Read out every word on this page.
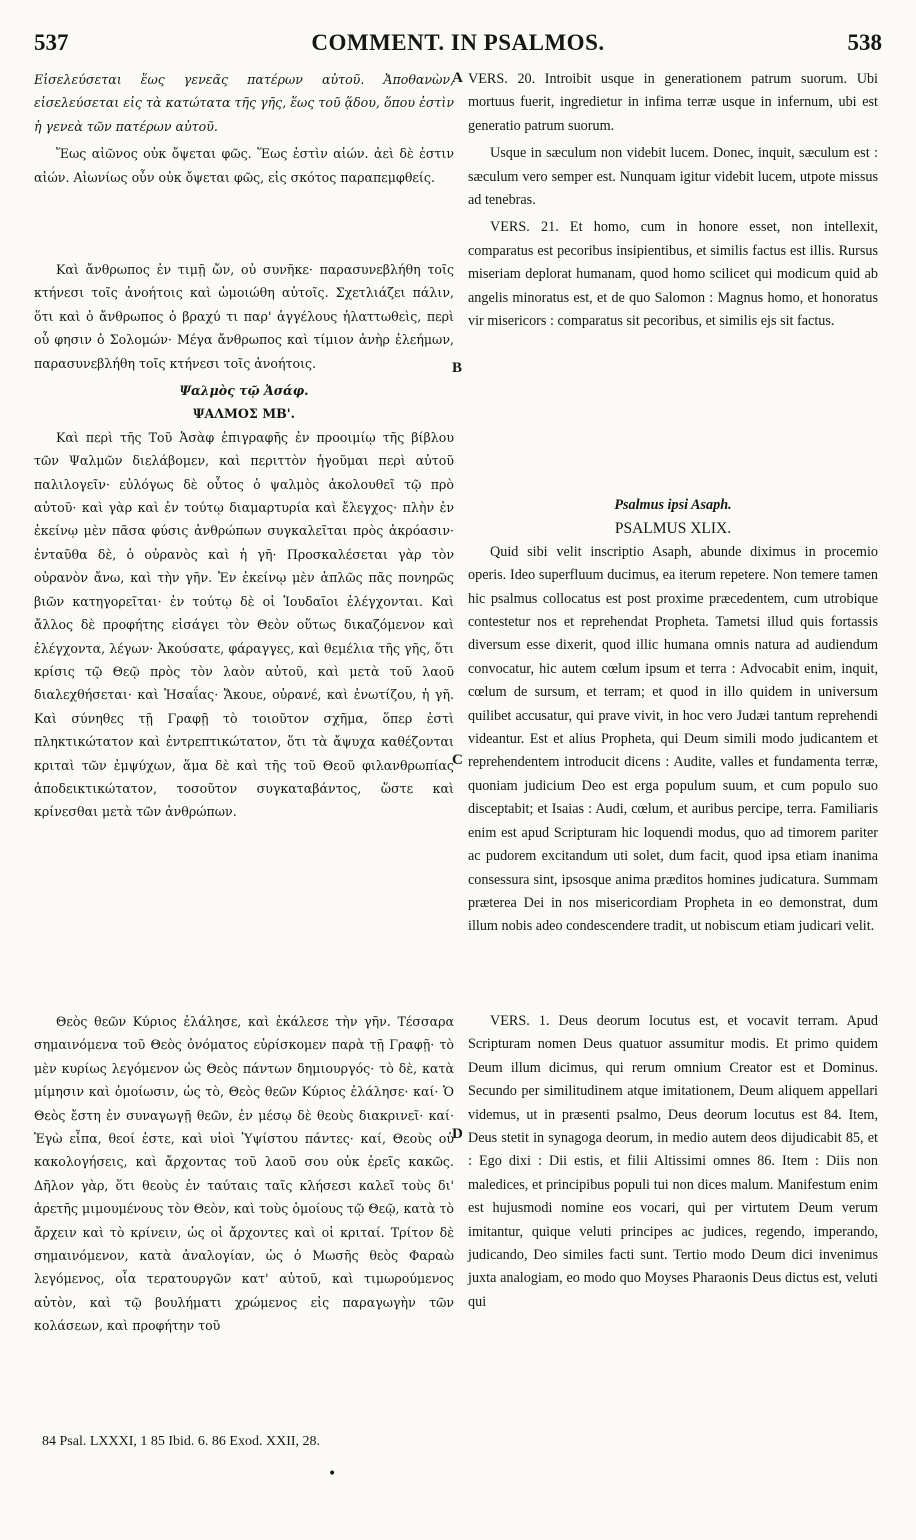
537	COMMENT. IN PSALMOS.	538
A
B
C
D

Εἰσελεύσεται ἕως γενεᾶς πατέρων αὐτοῦ. Ἀποθανὼν, εἰσελεύσεται εἰς τὰ κατώτατα τῆς γῆς, ἕως τοῦ ᾅδου, ὅπου ἐστὶν ἡ γενεὰ τῶν πατέρων αὐτοῦ.

Ἕως αἰῶνος οὐκ ὄψεται φῶς. Ἕως ἐστὶν αἰών. ἀεὶ δὲ ἐστιν αἰών. Αἰωνίως οὖν οὐκ ὄψεται φῶς, εἰς σκότος παραπεμφθείς.

Καὶ ἄνθρωπος ἐν τιμῇ ὤν, οὐ συνῆκε· παρασυνεβλήθη τοῖς κτήνεσι τοῖς ἀνοήτοις καὶ ὡμοιώθη αὐτοῖς. Σχετλιάζει πάλιν, ὅτι καὶ ὁ ἄνθρωπος ὁ βραχύ τι παρ' ἀγγέλους ἠλαττωθεὶς, περὶ οὗ φησιν ὁ Σολομών· Μέγα ἄνθρωπος καὶ τίμιον ἀνὴρ ἐλεήμων, παρασυνεβλήθη τοῖς κτήνεσι τοῖς ἀνοήτοις.

Ψαλμὸς τῷ Ἀσάφ.

ΨΑΛΜΟΣ ΜΒ'.

Καὶ περὶ τῆς Τοῦ Ἀσὰφ ἐπιγραφῆς ἐν προοιμίῳ τῆς βίβλου τῶν Ψαλμῶν διελάβομεν, καὶ περιττὸν ἡγοῦμαι περὶ αὐτοῦ παλιλογεῖν· εὐλόγως δὲ οὗτος ὁ ψαλμὸς ἀκολουθεῖ τῷ πρὸ αὐτοῦ· καὶ γὰρ καὶ ἐν τούτῳ διαμαρτυρία καὶ ἔλεγχος· πλὴν ἐν ἐκείνῳ μὲν πᾶσα φύσις ἀνθρώπων συγκαλεῖται πρὸς ἀκρόασιν· ἐνταῦθα δὲ, ὁ οὐρανὸς καὶ ἡ γῆ· Προσκαλέσεται γὰρ τὸν οὐρανὸν ἄνω, καὶ τὴν γῆν. Ἐν ἐκείνῳ μὲν ἁπλῶς πᾶς πονηρῶς βιῶν κατηγορεῖται· ἐν τούτῳ δὲ οἱ Ἰουδαῖοι ἐλέγχονται. Καὶ ἄλλος δὲ προφήτης εἰσάγει τὸν Θεὸν οὕτως δικαζόμενον καὶ ἐλέγχοντα, λέγων· Ἀκούσατε, φάραγγες, καὶ θεμέλια τῆς γῆς, ὅτι κρίσις τῷ Θεῷ πρὸς τὸν λαὸν αὐτοῦ, καὶ μετὰ τοῦ λαοῦ διαλεχθήσεται· καὶ Ἡσαΐας· Ἄκουε, οὐρανέ, καὶ ἐνωτίζου, ἡ γῆ. Καὶ σύνηθες τῇ Γραφῇ τὸ τοιοῦτον σχῆμα, ὅπερ ἐστὶ πληκτικώτατον καὶ ἐντρεπτικώτατον, ὅτι τὰ ἄψυχα καθέζονται κριταὶ τῶν ἐμψύχων, ἅμα δὲ καὶ τῆς τοῦ Θεοῦ φιλανθρωπίας ἀποδεικτικώτατον, τοσοῦτον συγκαταβάντος, ὥστε καὶ κρίνεσθαι μετὰ τῶν ἀνθρώπων.

VERS. 20. Introibit usque in generationem patrum suorum. Ubi mortuus fuerit, ingredietur in infima terræ usque in infernum, ubi est generatio patrum suorum.

Usque in sæculum non videbit lucem. Donec, inquit, sæculum est : sæculum vero semper est. Nunquam igitur videbit lucem, utpote missus ad tenebras.

VERS. 21. Et homo, cum in honore esset, non intellexit, comparatus est pecoribus insipientibus, et similis factus est illis. Rursus miseriam deplorat humanam, quod homo scilicet qui modicum quid ab angelis minoratus est, et de quo Salomon : Magnus homo, et honoratus vir misericors : comparatus sit pecoribus, et similis ejs sit factus.

Psalmus ipsi Asaph.

PSALMUS XLIX.

Quid sibi velit inscriptio Asaph, abunde diximus in procemio operis. Ideo superfluum ducimus, ea iterum repetere. Non temere tamen hic psalmus collocatus est post proxime præcedentem, cum utrobique contestetur nos et reprehendat Propheta. Tametsi illud quis fortassis diversum esse dixerit, quod illic humana omnis natura ad audiendum convocatur, hic autem cœlum ipsum et terra : Advocabit enim, inquit, cœlum de sursum, et terram; et quod in illo quidem in universum quilibet accusatur, qui prave vivit, in hoc vero Judæi tantum reprehendi videantur. Est et alius Propheta, qui Deum simili modo judicantem et reprehendentem introducit dicens : Audite, valles et fundamenta terræ, quoniam judicium Deo est erga populum suum, et cum populo suo disceptabit; et Isaias : Audi, cœlum, et auribus percipe, terra. Familiaris enim est apud Scripturam hic loquendi modus, quo ad timorem pariter ac pudorem excitandum uti solet, dum facit, quod ipsa etiam inanima consessura sint, ipsosque anima præditos homines judicatura. Summam præterea Dei in nos misericordiam Propheta in eo demonstrat, dum illum nobis adeo condescendere tradit, ut nobiscum etiam judicari velit.

Θεὸς θεῶν Κύριος ἐλάλησε, καὶ ἐκάλεσε τὴν γῆν. Τέσσαρα σημαινόμενα τοῦ Θεὸς ὀνόματος εὑρίσκομεν παρὰ τῇ Γραφῇ· τὸ μὲν κυρίως λεγόμενον ὡς Θεὸς πάντων δημιουργός· τὸ δὲ, κατὰ μίμησιν καὶ ὁμοίωσιν, ὡς τὸ, Θεὸς θεῶν Κύριος ἐλάλησε· καί· Ὁ Θεὸς ἔστη ἐν συναγωγῇ θεῶν, ἐν μέσῳ δὲ θεοὺς διακρινεῖ· καί· Ἐγὼ εἶπα, θεοί ἐστε, καὶ υἱοὶ Ὑψίστου πάντες· καί, Θεοὺς οὐ κακολογήσεις, καὶ ἄρχοντας τοῦ λαοῦ σου οὐκ ἐρεῖς κακῶς. Δῆλον γὰρ, ὅτι θεοὺς ἐν ταύταις ταῖς κλήσεσι καλεῖ τοὺς δι' ἀρετῆς μιμουμένους τὸν Θεὸν, καὶ τοὺς ὁμοίους τῷ Θεῷ, κατὰ τὸ ἄρχειν καὶ τὸ κρίνειν, ὡς οἱ ἄρχοντες καὶ οἱ κριταί. Τρίτον δὲ σημαινόμενον, κατὰ ἀναλογίαν, ὡς ὁ Μωσῆς θεὸς Φαραὼ λεγόμενος, οἷα τερατουργῶν κατ' αὐτοῦ, καὶ τιμωρούμενος αὐτὸν, καὶ τῷ βουλήματι χρώμενος εἰς παραγωγὴν τῶν κολάσεων, καὶ προφήτην τοῦ

VERS. 1. Deus deorum locutus est, et vocavit terram. Apud Scripturam nomen Deus quatuor assumitur modis. Et primo quidem Deum illum dicimus, qui rerum omnium Creator est et Dominus. Secundo per similitudinem atque imitationem, Deum aliquem appellari videmus, ut in præsenti psalmo, Deus deorum locutus est 84. Item, Deus stetit in synagoga deorum, in medio autem deos dijudicabit 85, et : Ego dixi : Dii estis, et filii Altissimi omnes 86. Item : Diis non maledices, et principibus populi tui non dices malum. Manifestum enim est hujusmodi nomine eos vocari, qui per virtutem Deum verum imitantur, quique veluti principes ac judices, regendo, imperando, judicando, Deo similes facti sunt. Tertio modo Deum dici invenimus juxta analogiam, eo modo quo Moyses Pharaonis Deus dictus est, veluti qui

84 Psal. LXXXI, 1 85 Ibid. 6. 86 Exod. XXII, 28.
•
